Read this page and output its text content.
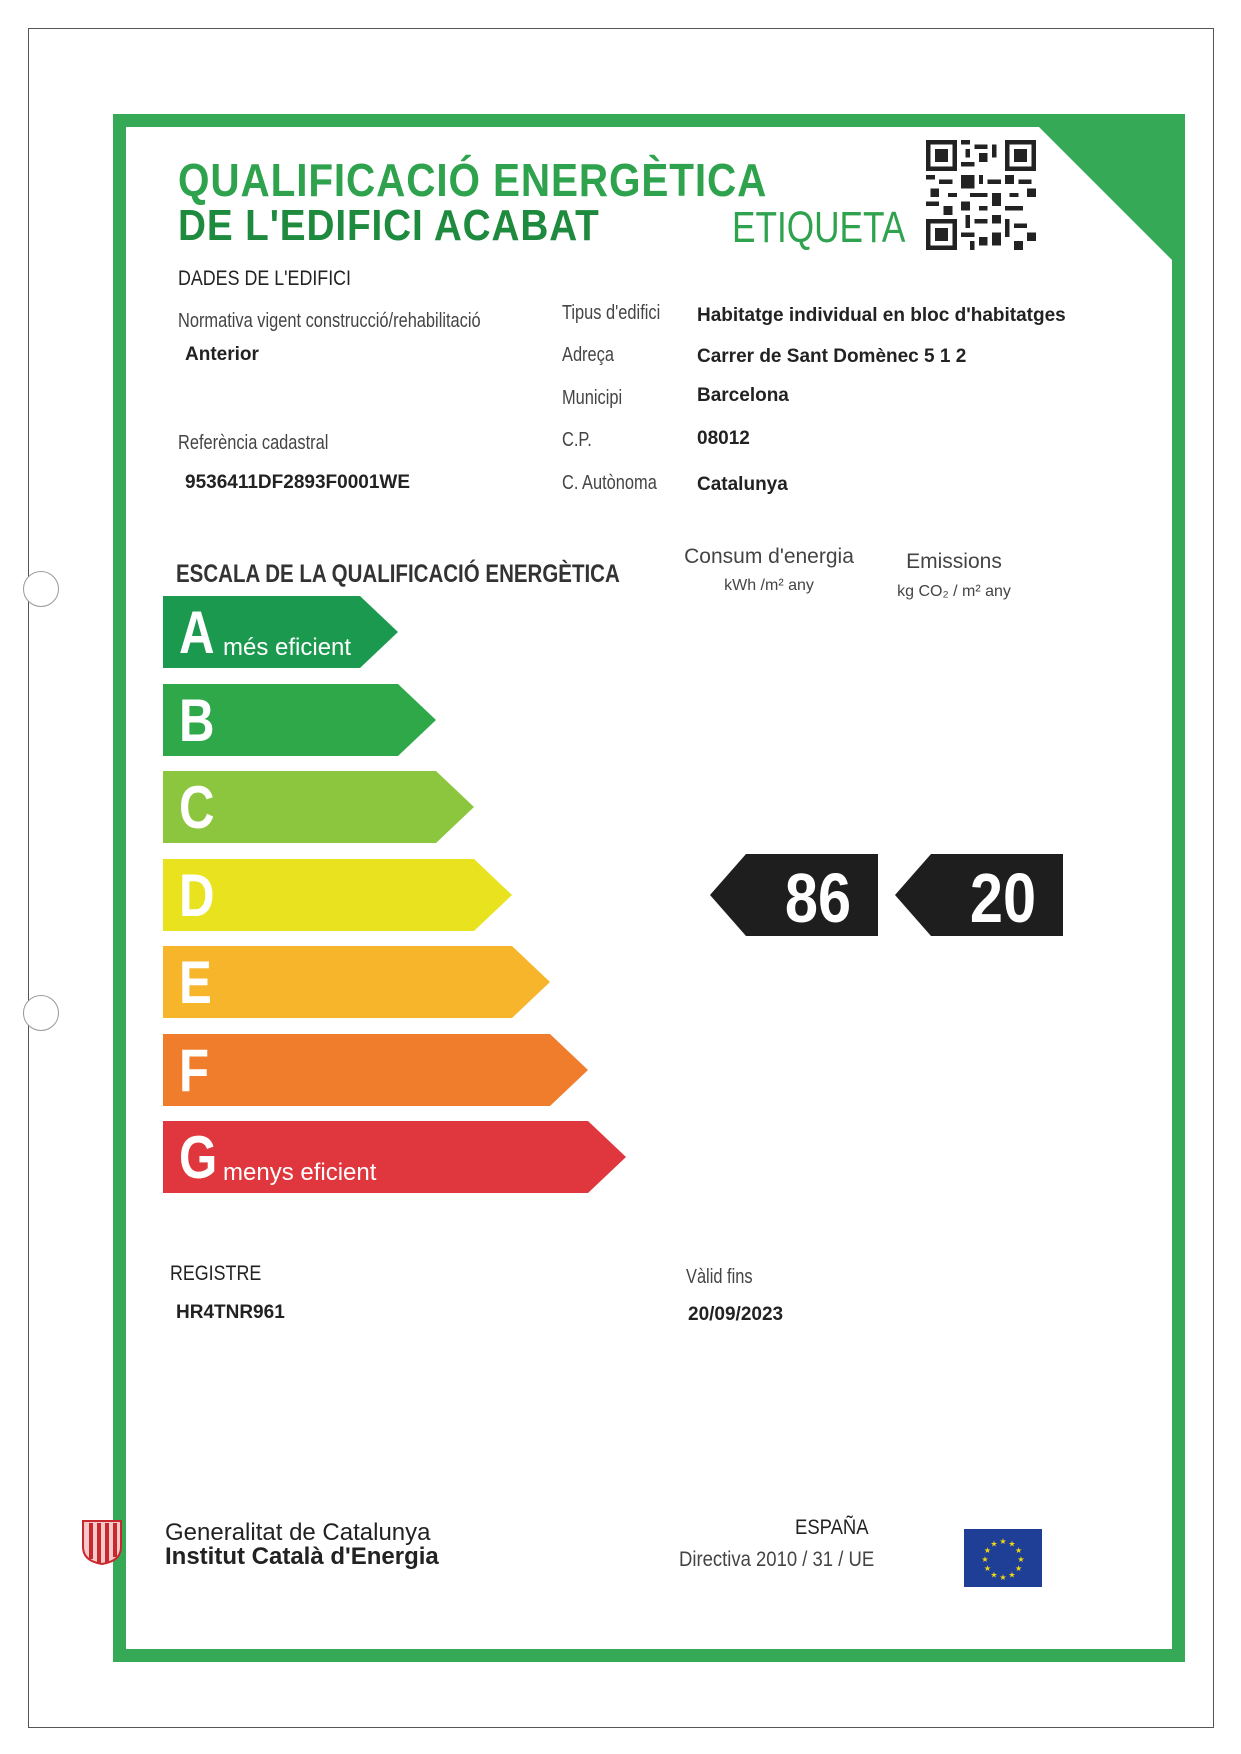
QUALIFICACIÓ ENERGÈTICA
DE L'EDIFICI ACABAT	ETIQUETA
DADES DE L'EDIFICI
Normativa vigent construcció/rehabilitació
Anterior
Referència cadastral
9536411DF2893F0001WE
Tipus d'edifici Habitatge individual en bloc d'habitatges
Adreça	Carrer de Sant Domènec 5 1 2
Municipi	Barcelona
C.P.	08012
C. Autònoma Catalunya
ESCALA DE LA QUALIFICACIÓ ENERGÈTICA
Consum d'energia
kWh /m² any
Emissions
kg CO₂ / m² any
A més eficient
B
C
D
E
F
G menys eficient
86 20
REGISTRE
HR4TNR961
Vàlid fins
20/09/2023
Generalitat de Catalunya
Institut Català d'Energia
ESPAÑA
Directiva 2010 / 31 / UE	★
★
★
★
★
★
★
★
★ ★ ★
★
